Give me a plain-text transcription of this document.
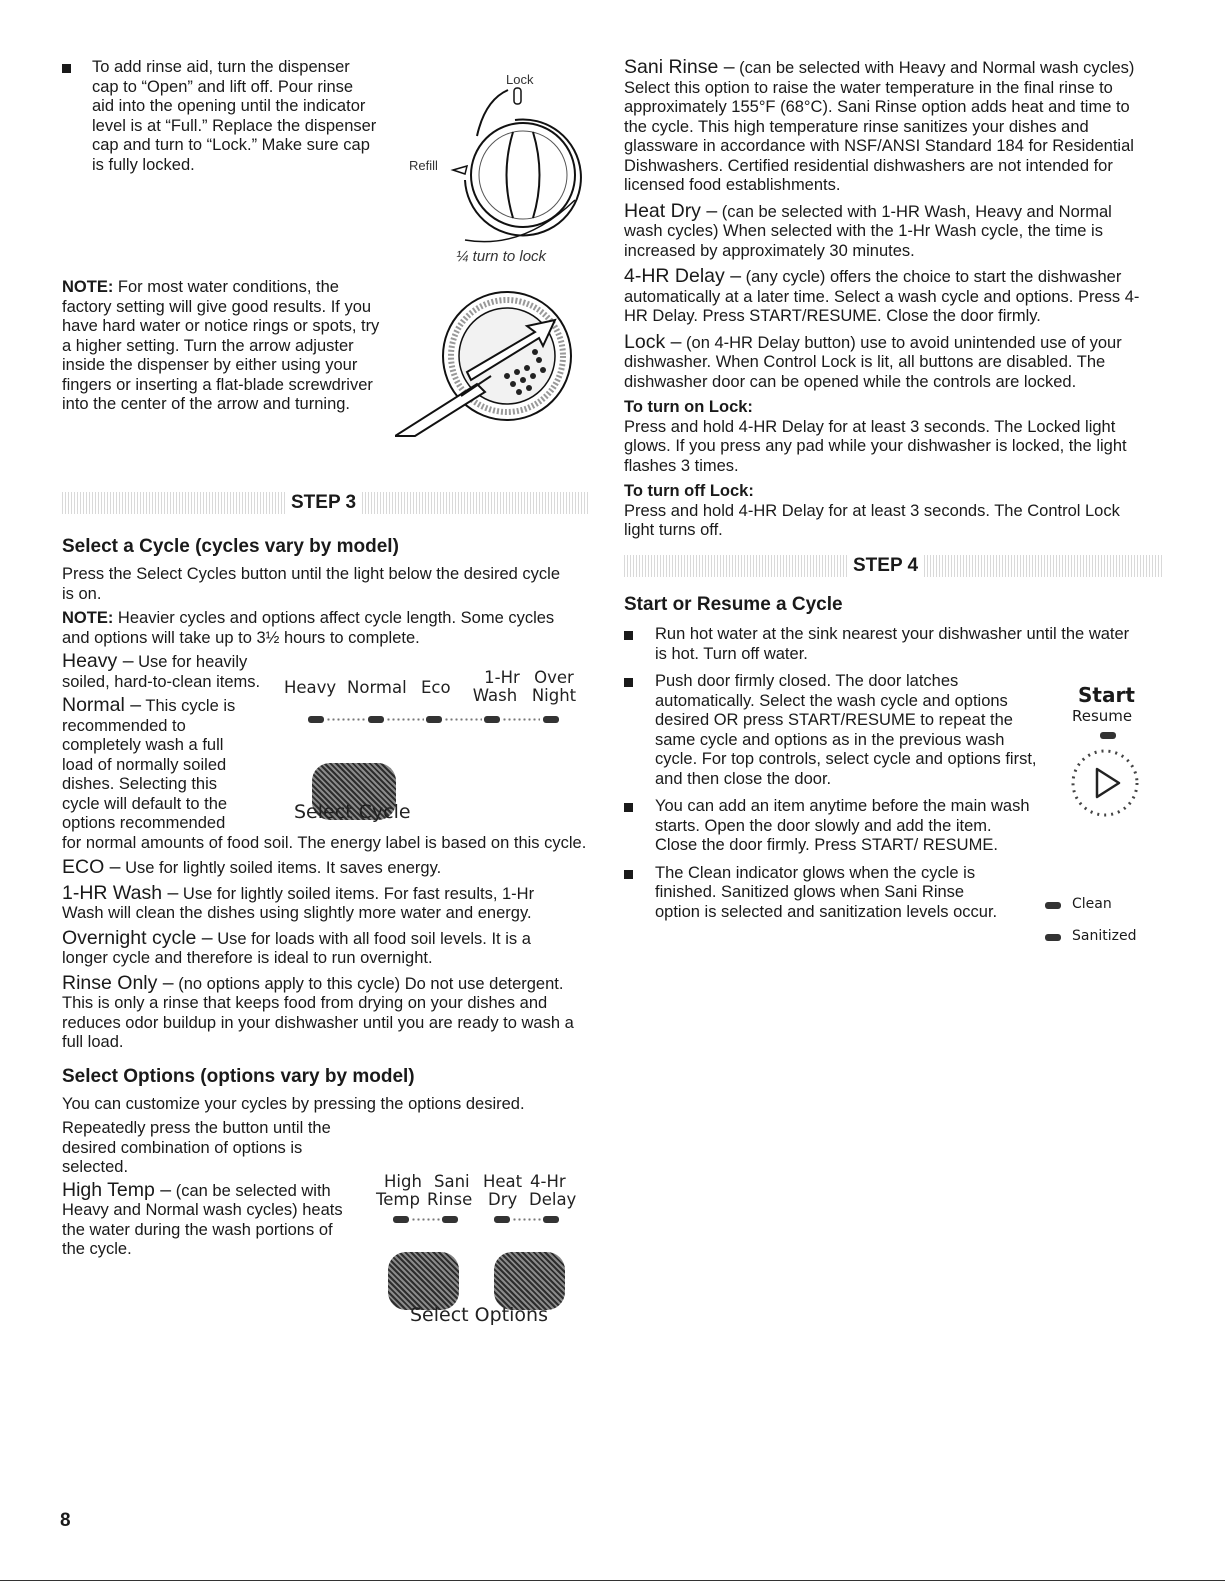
To add rinse aid, turn the dispenser cap to “Open” and lift off. Pour rinse aid into the opening until the indicator level is at “Full.” Replace the dispenser cap and turn to “Lock.” Make sure cap is fully locked.

Lock
Refill
¼ turn to lock

NOTE: For most water conditions, the factory setting will give good results. If you have hard water or notice rings or spots, try a higher setting. Turn the arrow adjuster inside the dispenser by either using your fingers or inserting a flat-blade screwdriver into the center of the arrow and turning.

STEP 3

Select a Cycle (cycles vary by model)

Press the Select Cycles button until the light below the desired cycle is on.

NOTE: Heavier cycles and options affect cycle length. Some cycles and options will take up to 3½ hours to complete.

Heavy – Use for heavily soiled, hard-to-clean items.

Normal – This cycle is recommended to completely wash a full load of normally soiled dishes. Selecting this cycle will default to the options recommended

for normal amounts of food soil. The energy label is based on this cycle.

ECO – Use for lightly soiled items. It saves energy.

1-HR Wash – Use for lightly soiled items. For fast results, 1-Hr Wash will clean the dishes using slightly more water and energy.

Overnight cycle – Use for loads with all food soil levels. It is a longer cycle and therefore is ideal to run overnight.

Rinse Only – (no options apply to this cycle) Do not use detergent. This is only a rinse that keeps food from drying on your dishes and reduces odor buildup in your dishwasher until you are ready to wash a full load.

Select Options (options vary by model)

You can customize your cycles by pressing the options desired.

Repeatedly press the button until the desired combination of options is selected.

High Temp – (can be selected with Heavy and Normal wash cycles) heats the water during the wash portions of the cycle.

Heavy Normal Eco
1-Hr
Wash
Over
Night
Select Cycle
High
Temp
Sani
Rinse
Heat
Dry
4-Hr
Delay
Select Options

Sani Rinse – (can be selected with Heavy and Normal wash cycles) Select this option to raise the water temperature in the final rinse to approximately 155°F (68°C). Sani Rinse option adds heat and time to the cycle. This high temperature rinse sanitizes your dishes and glassware in accordance with NSF/ANSI Standard 184 for Residential Dishwashers. Certified residential dishwashers are not intended for licensed food establishments.

Heat Dry – (can be selected with 1-HR Wash, Heavy and Normal wash cycles) When selected with the 1-Hr Wash cycle, the time is increased by approximately 30 minutes.

4-HR Delay – (any cycle) offers the choice to start the dishwasher automatically at a later time. Select a wash cycle and options. Press 4-HR Delay. Press START/RESUME. Close the door firmly.

Lock – (on 4-HR Delay button) use to avoid unintended use of your dishwasher. When Control Lock is lit, all buttons are disabled. The dishwasher door can be opened while the controls are locked.

To turn on Lock:

Press and hold 4-HR Delay for at least 3 seconds. The Locked light glows. If you press any pad while your dishwasher is locked, the light flashes 3 times.

To turn off Lock:

Press and hold 4-HR Delay for at least 3 seconds. The Control Lock light turns off.

STEP 4

Start or Resume a Cycle

Run hot water at the sink nearest your dishwasher until the water is hot. Turn off water.

Push door firmly closed. The door latches automatically. Select the wash cycle and options desired OR press START/RESUME to repeat the same cycle and options as in the previous wash cycle. For top controls, select cycle and options first, and then close the door.

You can add an item anytime before the main wash starts. Open the door slowly and add the item. Close the door firmly. Press START/ RESUME.

The Clean indicator glows when the cycle is finished. Sanitized glows when Sani Rinse option is selected and sanitization levels occur.

Start
Resume
Clean
Sanitized
8
